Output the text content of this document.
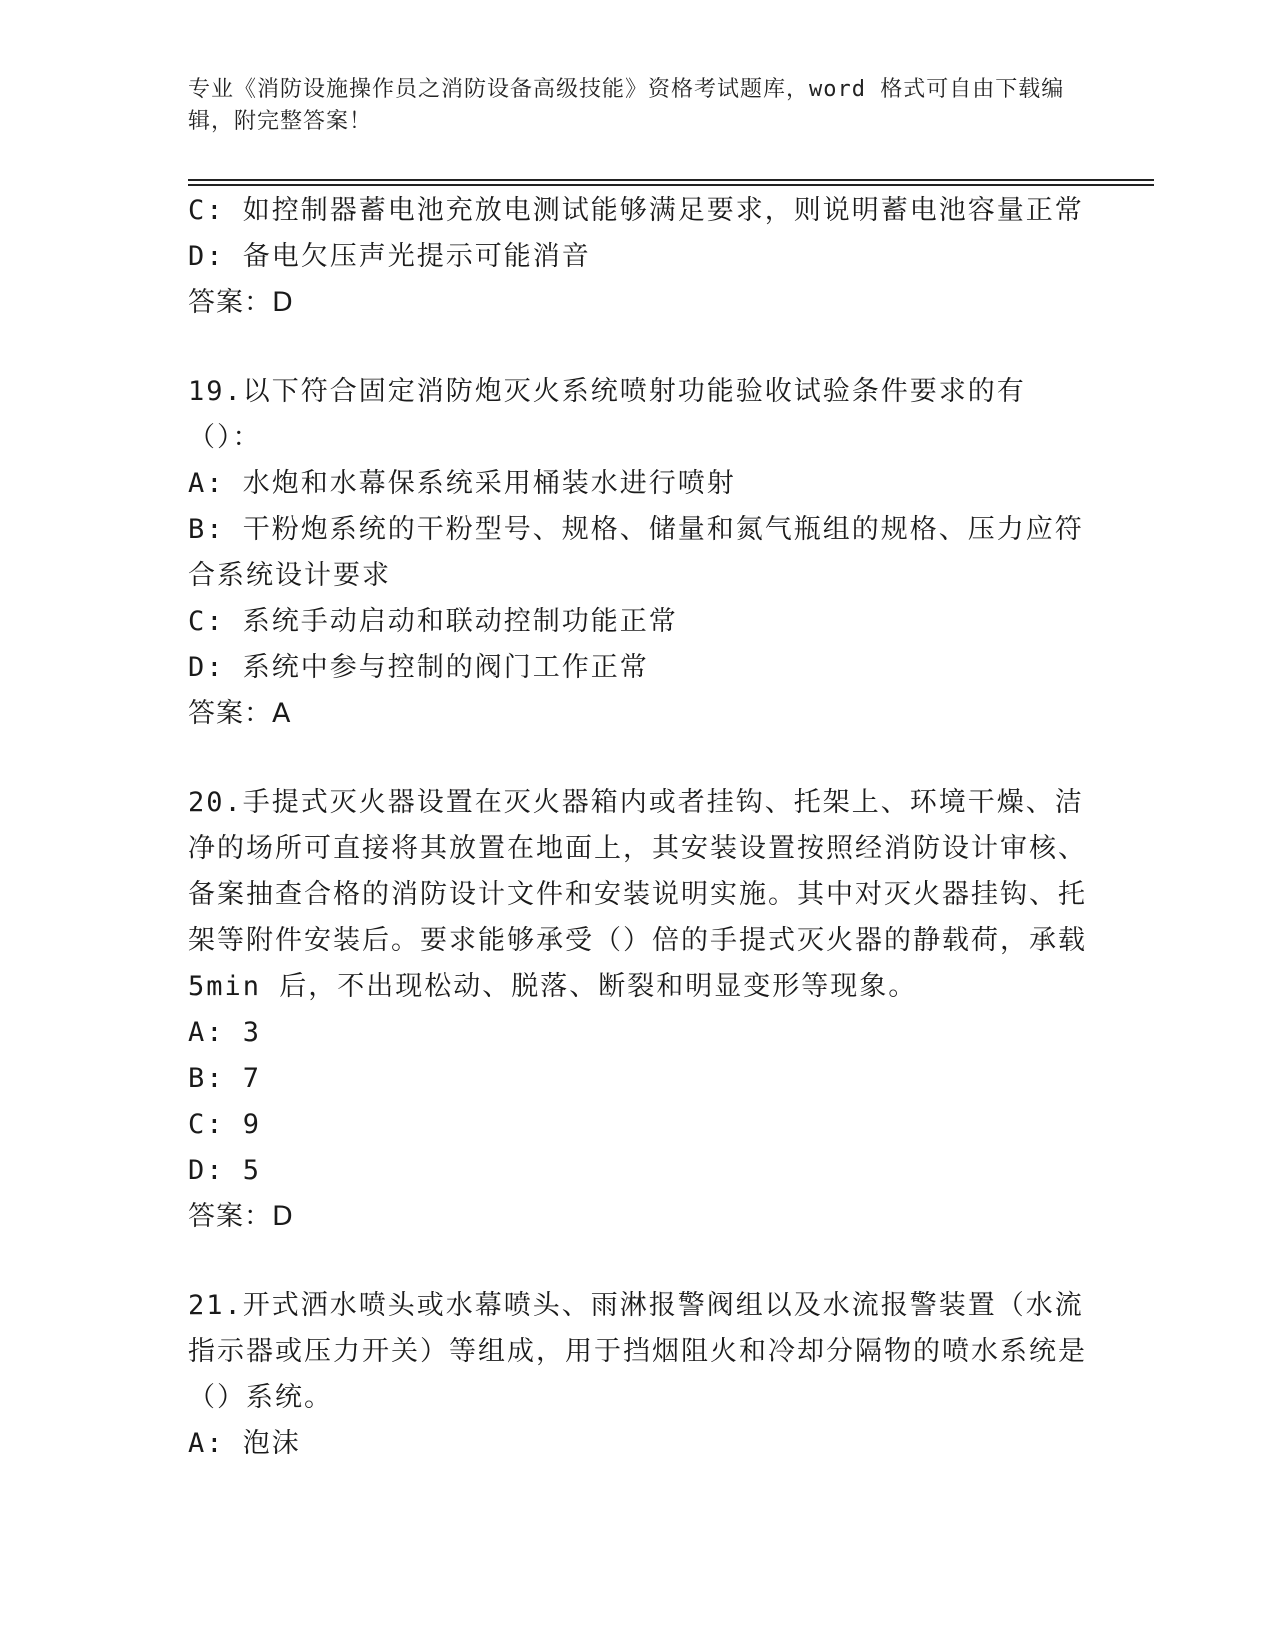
专业《消防设施操作员之消防设备高级技能》资格考试题库，word 格式可自由下载编辑，附完整答案！

C: 如控制器蓄电池充放电测试能够满足要求，则说明蓄电池容量正常

D: 备电欠压声光提示可能消音

答案：D

19.以下符合固定消防炮灭火系统喷射功能验收试验条件要求的有（）：

A: 水炮和水幕保系统采用桶装水进行喷射

B: 干粉炮系统的干粉型号、规格、储量和氮气瓶组的规格、压力应符合系统设计要求

C: 系统手动启动和联动控制功能正常

D: 系统中参与控制的阀门工作正常

答案：A

20.手提式灭火器设置在灭火器箱内或者挂钩、托架上、环境干燥、洁净的场所可直接将其放置在地面上，其安装设置按照经消防设计审核、备案抽查合格的消防设计文件和安装说明实施。其中对灭火器挂钩、托架等附件安装后。要求能够承受（）倍的手提式灭火器的静载荷，承载 5min 后，不出现松动、脱落、断裂和明显变形等现象。

A: 3

B: 7

C: 9

D: 5

答案：D

21.开式洒水喷头或水幕喷头、雨淋报警阀组以及水流报警装置（水流指示器或压力开关）等组成，用于挡烟阻火和冷却分隔物的喷水系统是（）系统。

A: 泡沫
